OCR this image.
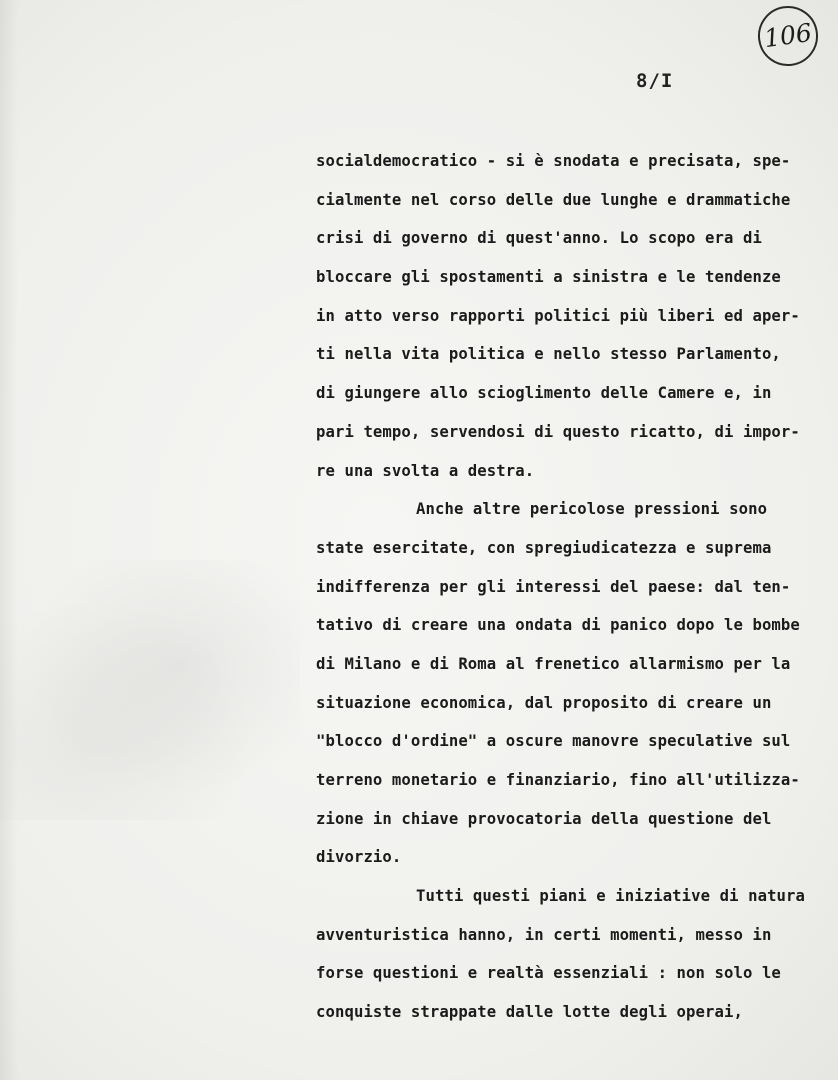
106
8/I
socialdemocratico - si è snodata e precisata, spe-
cialmente nel corso delle due lunghe e drammatiche
crisi di governo di quest'anno. Lo scopo era di
bloccare gli spostamenti a sinistra e le tendenze
in atto verso rapporti politici più liberi ed aper-
ti nella vita politica e nello stesso Parlamento,
di giungere allo scioglimento delle Camere e, in
pari tempo, servendosi di questo ricatto, di impor-
re una svolta a destra.
Anche altre pericolose pressioni sono
state esercitate, con spregiudicatezza e suprema
indifferenza per gli interessi del paese: dal ten-
tativo di creare una ondata di panico dopo le bombe
di Milano e di Roma al frenetico allarmismo per la
situazione economica, dal proposito di creare un
"blocco d'ordine" a oscure manovre speculative sul
terreno monetario e finanziario, fino all'utilizza-
zione in chiave provocatoria della questione del
divorzio.
Tutti questi piani e iniziative di natura
avventuristica hanno, in certi momenti, messo in
forse questioni e realtà essenziali : non solo le
conquiste strappate dalle lotte degli operai,
